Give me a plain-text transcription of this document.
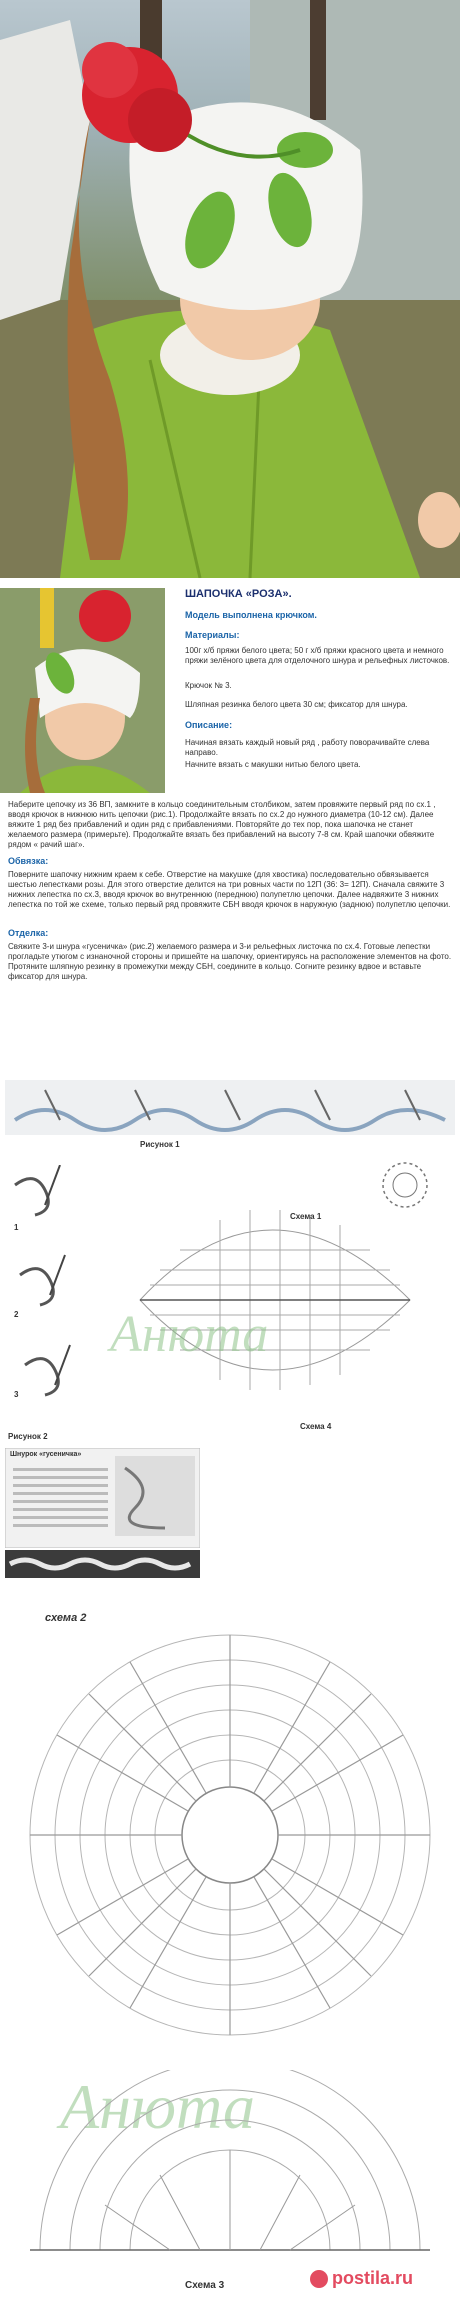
ШАПОЧКА «РОЗА».
Модель выполнена крючком.
Материалы:
100г х/б пряжи белого цвета; 50 г х/б пряжи красного цвета и немного пряжи зелёного цвета для отделочного шнура и рельефных листочков.
Крючок № 3.
Шляпная резинка белого цвета 30 см; фиксатор для шнура.
Описание:
Начиная вязать каждый новый ряд , работу поворачивайте слева направо.
Начните вязать с макушки нитью белого цвета.
Наберите цепочку из 36 ВП, замкните в кольцо соединительным столбиком, затем провяжите первый ряд по сх.1 , вводя крючок в нижнюю нить цепочки (рис.1). Продолжайте вязать по сх.2 до нужного диаметра (10-12 см). Далее вяжите 1 ряд без прибавлений и один ряд с прибавлениями. Повторяйте до тех пор, пока шапочка не станет желаемого размера (примерьте). Продолжайте вязать без прибавлений на высоту 7-8 см. Край шапочки обвяжите рядом « рачий шаг».
Обвязка:
Поверните шапочку нижним краем к себе. Отверстие на макушке (для хвостика) последовательно обвязывается шестью лепестками розы. Для этого отверстие делится на три ровных части по 12П (36: 3= 12П). Сначала свяжите 3 нижних лепестка по сх.3, вводя крючок во внутреннюю (переднюю) полупетлю цепочки. Далее надвяжите 3 нижних лепестка по той же схеме, только первый ряд провяжите СБН вводя крючок в наружную (заднюю) полупетлю цепочки.
Отделка:
Свяжите 3-и шнура «гусеничка» (рис.2) желаемого размера и 3-и рельефных листочка по сх.4. Готовые лепестки прогладьте утюгом с изнаночной стороны и пришейте на шапочку, ориентируясь на расположение элементов на фото. Протяните шляпную резинку в промежутки между СБН, соедините в кольцо. Согните резинку вдвое и вставьте фиксатор для шнура.
Рисунок 1
1
2
3
Рисунок 2
Схема 1
Схема 4
Шнурок «гусеничка»
Анюта
схема 2
Анюта
Схема 3	postila.ru
